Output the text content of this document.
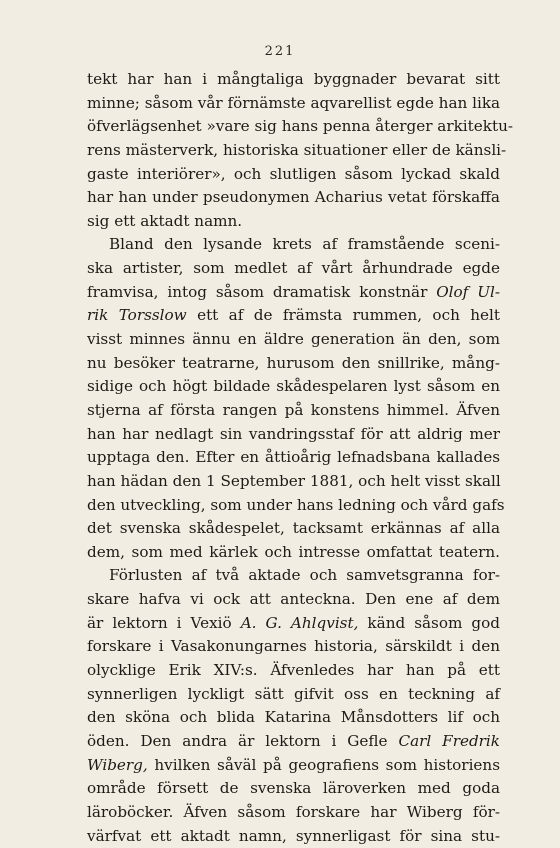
221
tekt har han i mångtaliga byggnader bevarat sitt
minne; såsom vår förnämste aqvarellist egde han lika
öfverlägsenhet »vare sig hans penna återger arkitektu-
rens mästerverk, historiska situationer eller de känsli-
gaste interiörer», och slutligen såsom lyckad skald
har han under pseudonymen Acharius vetat förskaffa
sig ett aktadt namn.
Bland den lysande krets af framstående sceni-
ska artister, som medlet af vårt århundrade egde
framvisa, intog såsom dramatisk konstnär Olof Ul-
rik Torsslow ett af de främsta rummen, och helt
visst minnes ännu en äldre generation än den, som
nu besöker teatrarne, hurusom den snillrike, mång-
sidige och högt bildade skådespelaren lyst såsom en
stjerna af första rangen på konstens himmel. Äfven
han har nedlagt sin vandringsstaf för att aldrig mer
upptaga den. Efter en åttioårig lefnadsbana kallades
han hädan den 1 September 1881, och helt visst skall
den utveckling, som under hans ledning och vård gafs
det svenska skådespelet, tacksamt erkännas af alla
dem, som med kärlek och intresse omfattat teatern.
Förlusten af två aktade och samvetsgranna for-
skare hafva vi ock att anteckna. Den ene af dem
är lektorn i Vexiö A. G. Ahlqvist, känd såsom god
forskare i Vasakonungarnes historia, särskildt i den
olycklige Erik XIV:s. Äfvenledes har han på ett
synnerligen lyckligt sätt gifvit oss en teckning af
den sköna och blida Katarina Månsdotters lif och
öden. Den andra är lektorn i Gefle Carl Fredrik
Wiberg, hvilken såväl på geografiens som historiens
område försett de svenska läroverken med goda
läroböcker. Äfven såsom forskare har Wiberg för-
värfvat ett aktadt namn, synnerligast för sina stu-
